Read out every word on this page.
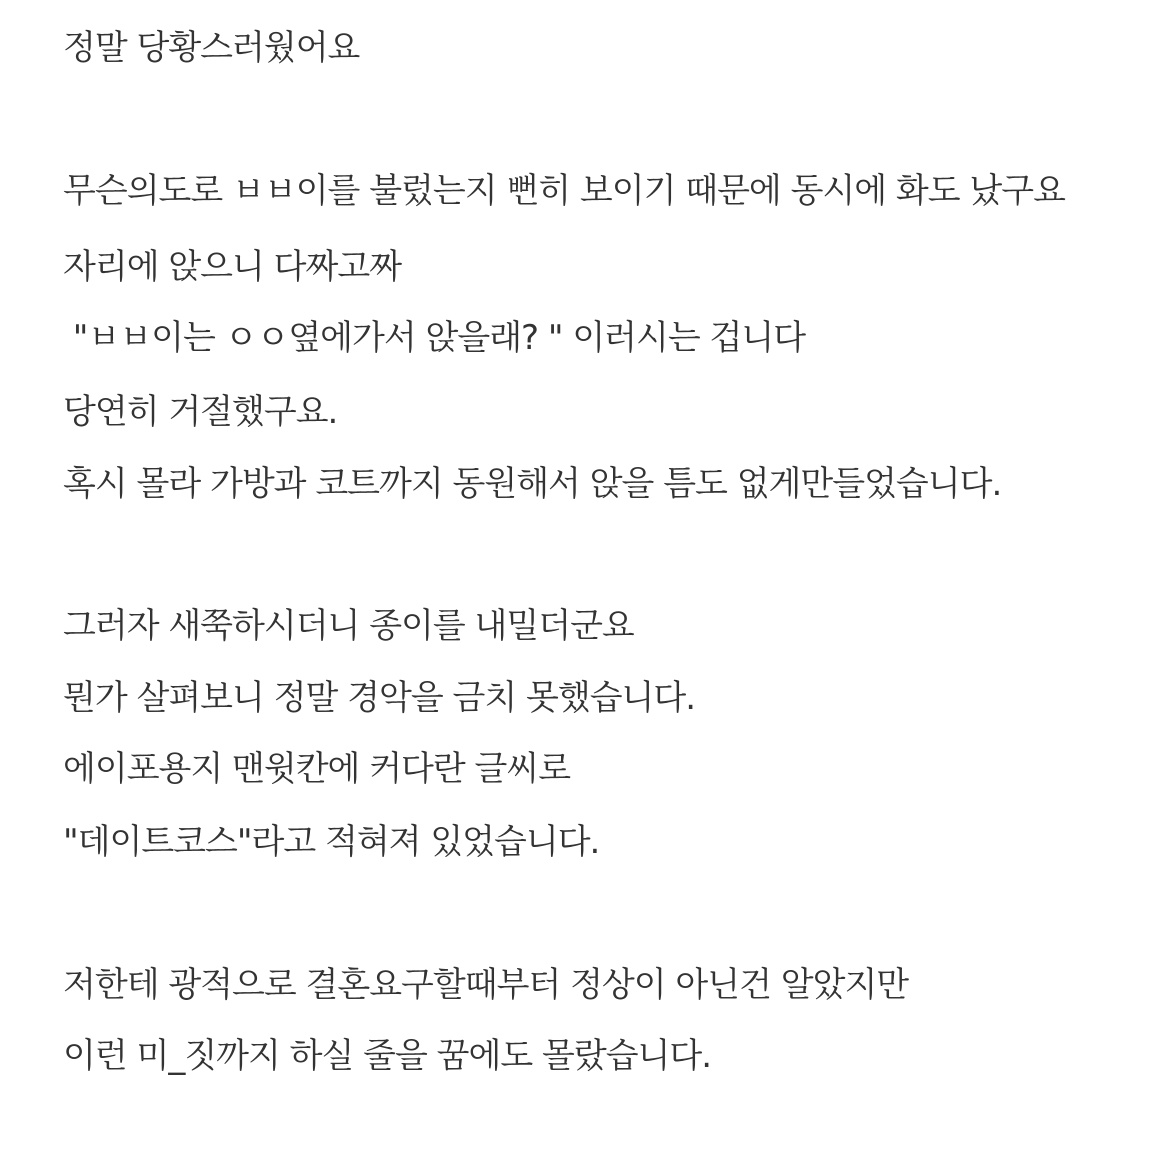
정말 당황스러웠어요
무슨의도로 ㅂㅂ이를 불렀는지 뻔히 보이기 때문에 동시에 화도 났구요
자리에 앉으니 다짜고짜
"ㅂㅂ이는 ㅇㅇ옆에가서 앉을래? " 이러시는 겁니다
당연히 거절했구요.
혹시 몰라 가방과 코트까지 동원해서 앉을 틈도 없게만들었습니다.
그러자 새쭉하시더니 종이를 내밀더군요
뭔가 살펴보니 정말 경악을 금치 못했습니다.
에이포용지 맨윗칸에 커다란 글씨로
"데이트코스"라고 적혀져 있었습니다.
저한테 광적으로 결혼요구할때부터 정상이 아닌건 알았지만
이런 미_짓까지 하실 줄을 꿈에도 몰랐습니다.
